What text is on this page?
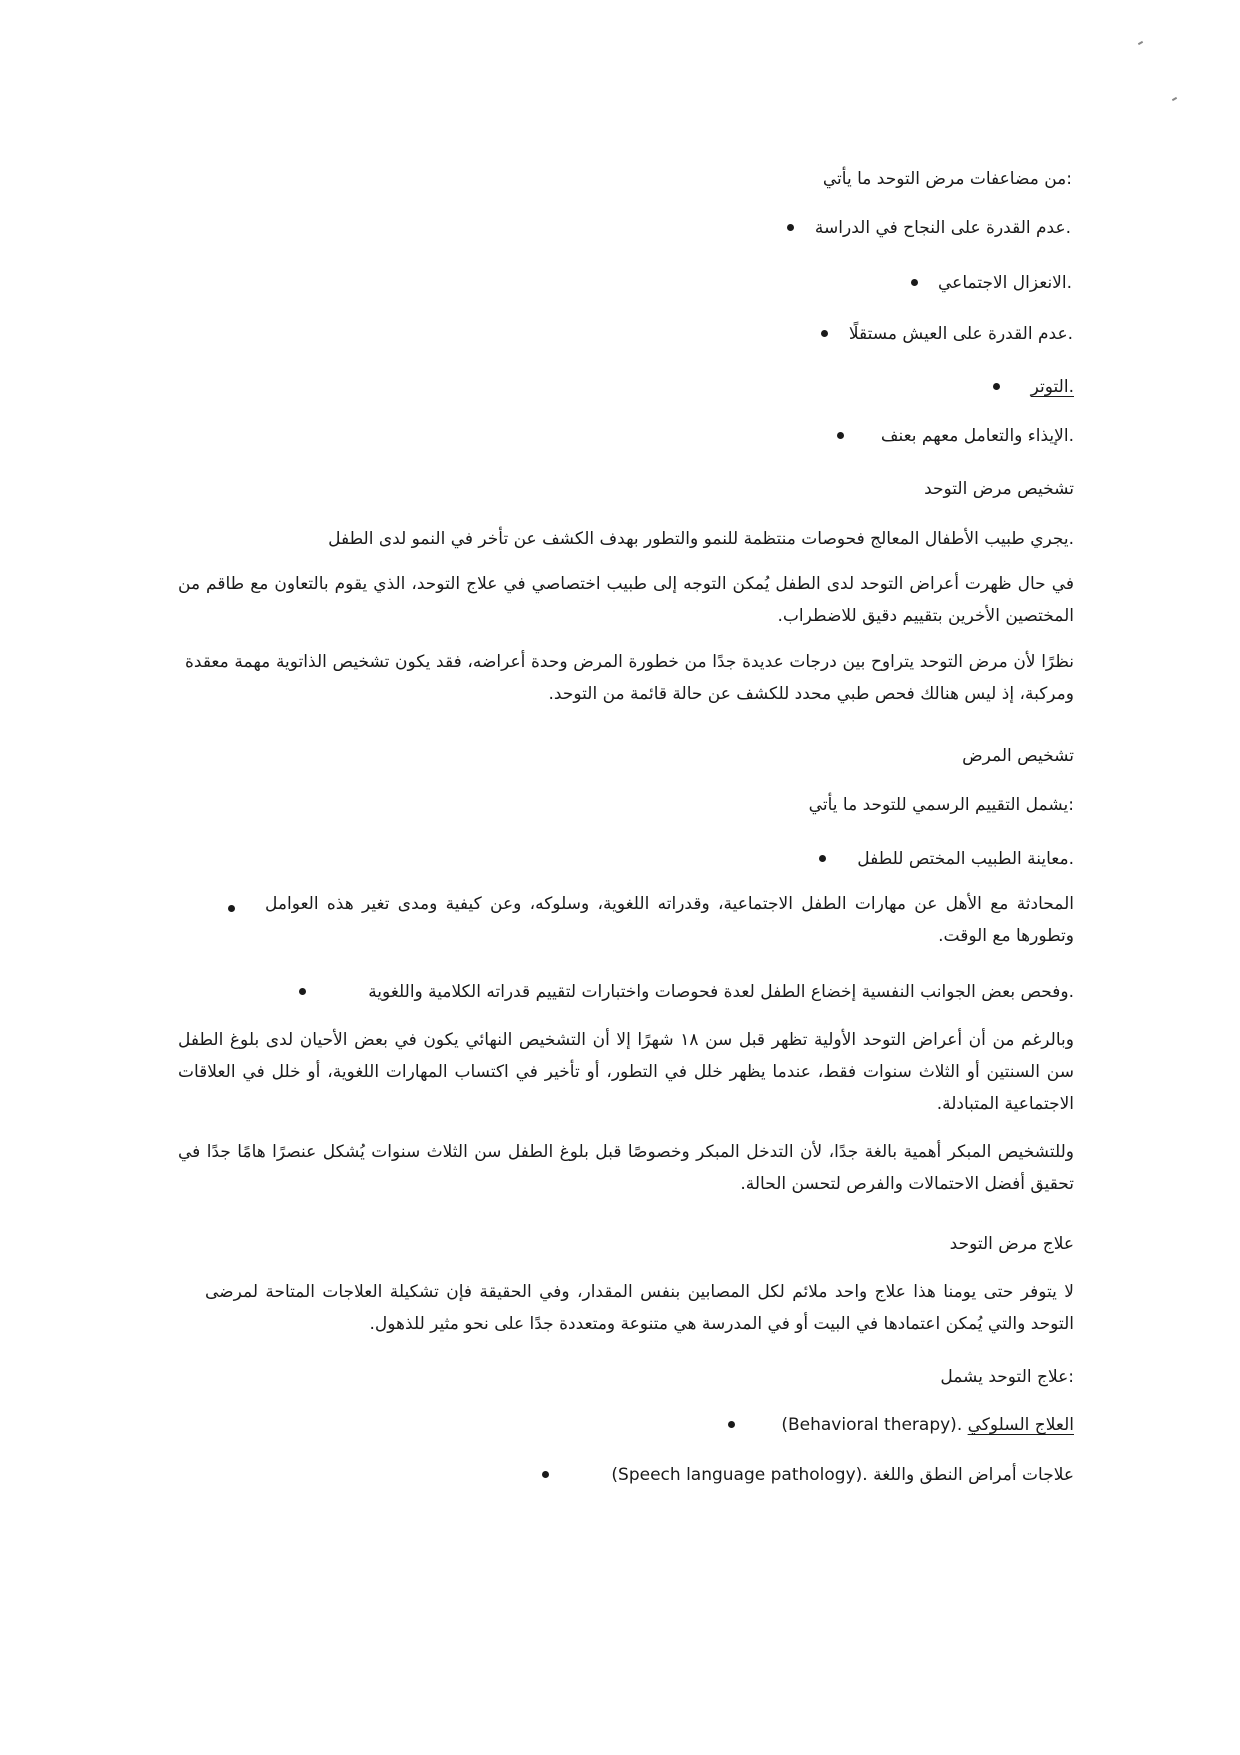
:من مضاعفات مرض التوحد ما يأتي
.عدم القدرة على النجاح في الدراسة
.الانعزال الاجتماعي
.عدم القدرة على العيش مستقلًا
.التوتر
.الإيذاء والتعامل معهم بعنف
تشخيص مرض التوحد
.يجري طبيب الأطفال المعالج فحوصات منتظمة للنمو والتطور بهدف الكشف عن تأخر في النمو لدى الطفل
في حال ظهرت أعراض التوحد لدى الطفل يُمكن التوجه إلى طبيب اختصاصي في علاج التوحد، الذي يقوم بالتعاون مع طاقم من المختصين الأخرين بتقييم دقيق للاضطراب.
نظرًا لأن مرض التوحد يتراوح بين درجات عديدة جدًا من خطورة المرض وحدة أعراضه، فقد يكون تشخيص الذاتوية مهمة معقدة ومركبة، إذ ليس هنالك فحص طبي محدد للكشف عن حالة قائمة من التوحد.
تشخيص المرض
:يشمل التقييم الرسمي للتوحد ما يأتي
.معاينة الطبيب المختص للطفل
المحادثة مع الأهل عن مهارات الطفل الاجتماعية، وقدراته اللغوية، وسلوكه، وعن كيفية ومدى تغير هذه العوامل وتطورها مع الوقت.
.وفحص بعض الجوانب النفسية إخضاع الطفل لعدة فحوصات واختبارات لتقييم قدراته الكلامية واللغوية
وبالرغم من أن أعراض التوحد الأولية تظهر قبل سن ١٨ شهرًا إلا أن التشخيص النهائي يكون في بعض الأحيان لدى بلوغ الطفل سن السنتين أو الثلاث سنوات فقط، عندما يظهر خلل في التطور، أو تأخير في اكتساب المهارات اللغوية، أو خلل في العلاقات الاجتماعية المتبادلة.
وللتشخيص المبكر أهمية بالغة جدًا، لأن التدخل المبكر وخصوصًا قبل بلوغ الطفل سن الثلاث سنوات يُشكل عنصرًا هامًا جدًا في تحقيق أفضل الاحتمالات والفرص لتحسن الحالة.
علاج مرض التوحد
لا يتوفر حتى يومنا هذا علاج واحد ملائم لكل المصابين بنفس المقدار، وفي الحقيقة فإن تشكيلة العلاجات المتاحة لمرضى التوحد والتي يُمكن اعتمادها في البيت أو في المدرسة هي متنوعة ومتعددة جدًا على نحو مثير للذهول.
:علاج التوحد يشمل
العلاج السلوكي (Behavioral therapy).
علاجات أمراض النطق واللغة (Speech language pathology).
